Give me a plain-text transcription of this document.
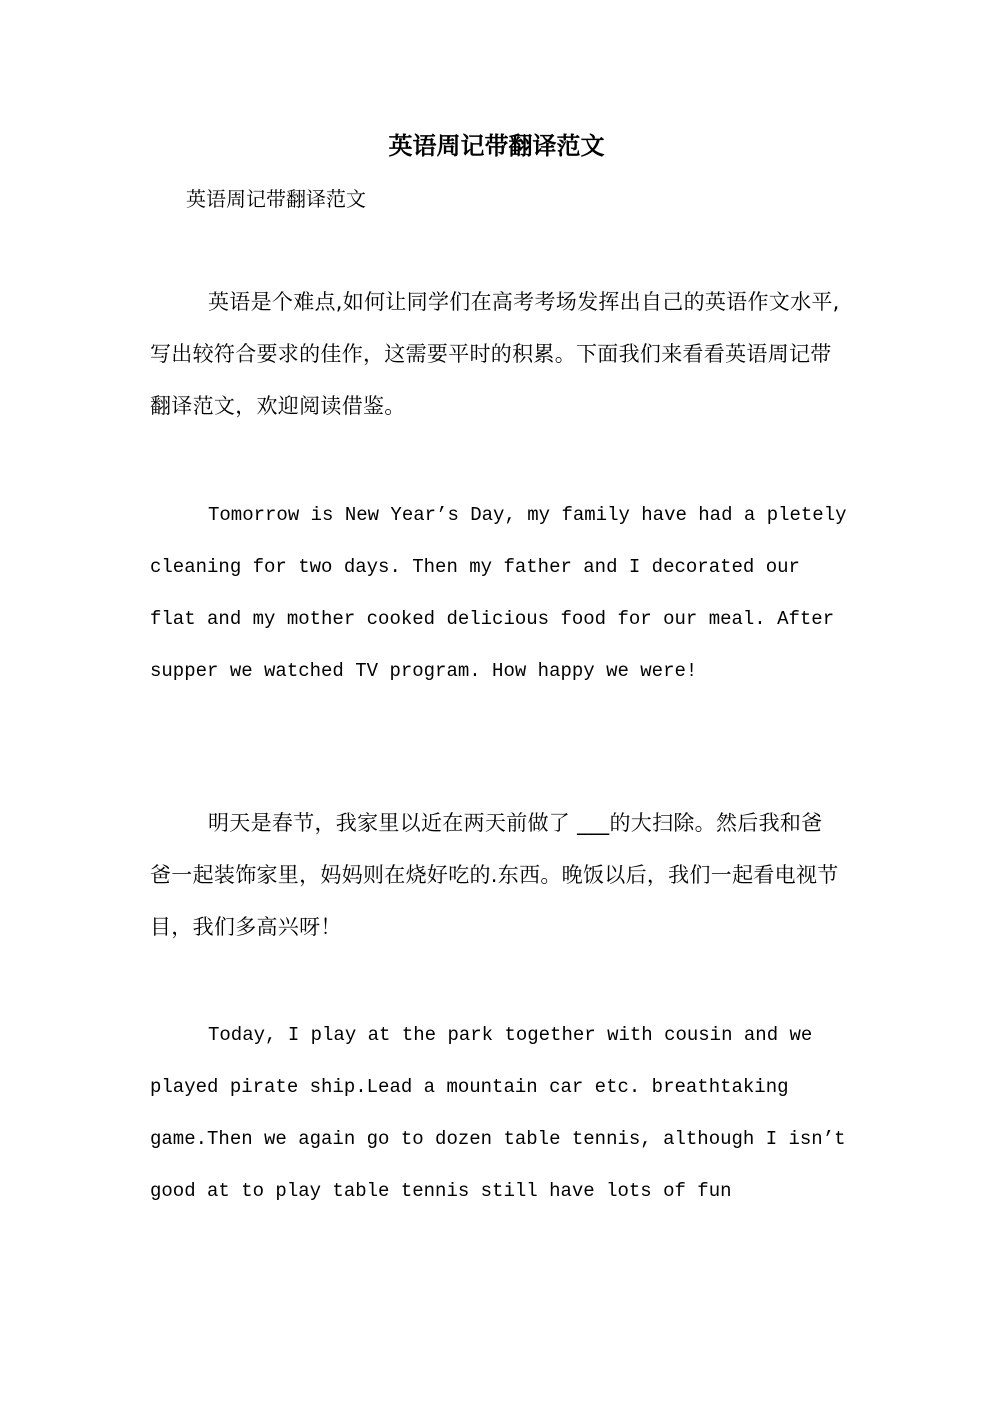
英语周记带翻译范文
英语周记带翻译范文

英语是个难点,如何让同学们在高考考场发挥出自己的英语作文水平,写出较符合要求的佳作，这需要平时的积累。下面我们来看看英语周记带翻译范文，欢迎阅读借鉴。

Tomorrow is New Year’s Day, my family have had a pletely cleaning for two days. Then my father and I decorated our flat and my mother cooked delicious food for our meal. After supper we watched TV program. How happy we were!

明天是春节，我家里以近在两天前做了 ___的大扫除。然后我和爸爸一起装饰家里，妈妈则在烧好吃的.东西。晚饭以后，我们一起看电视节目，我们多高兴呀！

Today, I play at the park together with cousin and we played pirate ship.Lead a mountain car etc. breathtaking game.Then we again go to dozen table tennis, although I isn’t good at to play table tennis still have lots of fun
